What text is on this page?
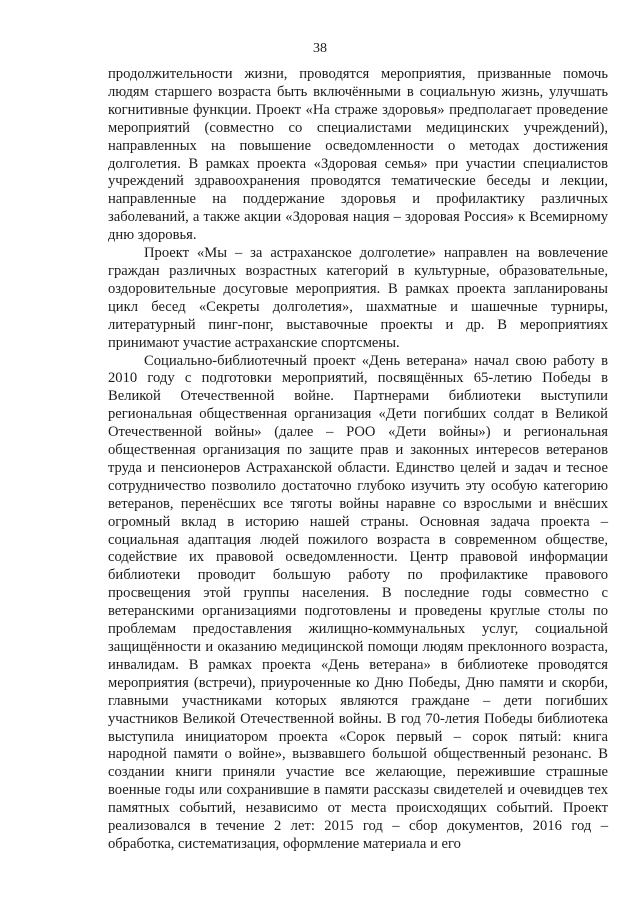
38

продолжительности жизни, проводятся мероприятия, призванные помочь людям старшего возраста быть включёнными в социальную жизнь, улучшать когнитивные функции. Проект «На страже здоровья» предполагает проведение мероприятий (совместно со специалистами медицинских учреждений), направленных на повышение осведомленности о методах достижения долголетия. В рамках проекта «Здоровая семья» при участии специалистов учреждений здравоохранения проводятся тематические беседы и лекции, направленные на поддержание здоровья и профилактику различных заболеваний, а также акции «Здоровая нация – здоровая Россия» к Всемирному дню здоровья.

Проект «Мы – за астраханское долголетие» направлен на вовлечение граждан различных возрастных категорий в культурные, образовательные, оздоровительные досуговые мероприятия. В рамках проекта запланированы цикл бесед «Секреты долголетия», шахматные и шашечные турниры, литературный пинг-понг, выставочные проекты и др. В мероприятиях принимают участие астраханские спортсмены.

Социально-библиотечный проект «День ветерана» начал свою работу в 2010 году с подготовки мероприятий, посвящённых 65-летию Победы в Великой Отечественной войне. Партнерами библиотеки выступили региональная общественная организация «Дети погибших солдат в Великой Отечественной войны» (далее – РОО «Дети войны») и региональная общественная организация по защите прав и законных интересов ветеранов труда и пенсионеров Астраханской области. Единство целей и задач и тесное сотрудничество позволило достаточно глубоко изучить эту особую категорию ветеранов, перенёсших все тяготы войны наравне со взрослыми и внёсших огромный вклад в историю нашей страны. Основная задача проекта – социальная адаптация людей пожилого возраста в современном обществе, содействие их правовой осведомленности. Центр правовой информации библиотеки проводит большую работу по профилактике правового просвещения этой группы населения. В последние годы совместно с ветеранскими организациями подготовлены и проведены круглые столы по проблемам предоставления жилищно-коммунальных услуг, социальной защищённости и оказанию медицинской помощи людям преклонного возраста, инвалидам. В рамках проекта «День ветерана» в библиотеке проводятся мероприятия (встречи), приуроченные ко Дню Победы, Дню памяти и скорби, главными участниками которых являются граждане – дети погибших участников Великой Отечественной войны. В год 70-летия Победы библиотека выступила инициатором проекта «Сорок первый – сорок пятый: книга народной памяти о войне», вызвавшего большой общественный резонанс. В создании книги приняли участие все желающие, пережившие страшные военные годы или сохранившие в памяти рассказы свидетелей и очевидцев тех памятных событий, независимо от места происходящих событий. Проект реализовался в течение 2 лет: 2015 год – сбор документов, 2016 год – обработка, систематизация, оформление материала и его
